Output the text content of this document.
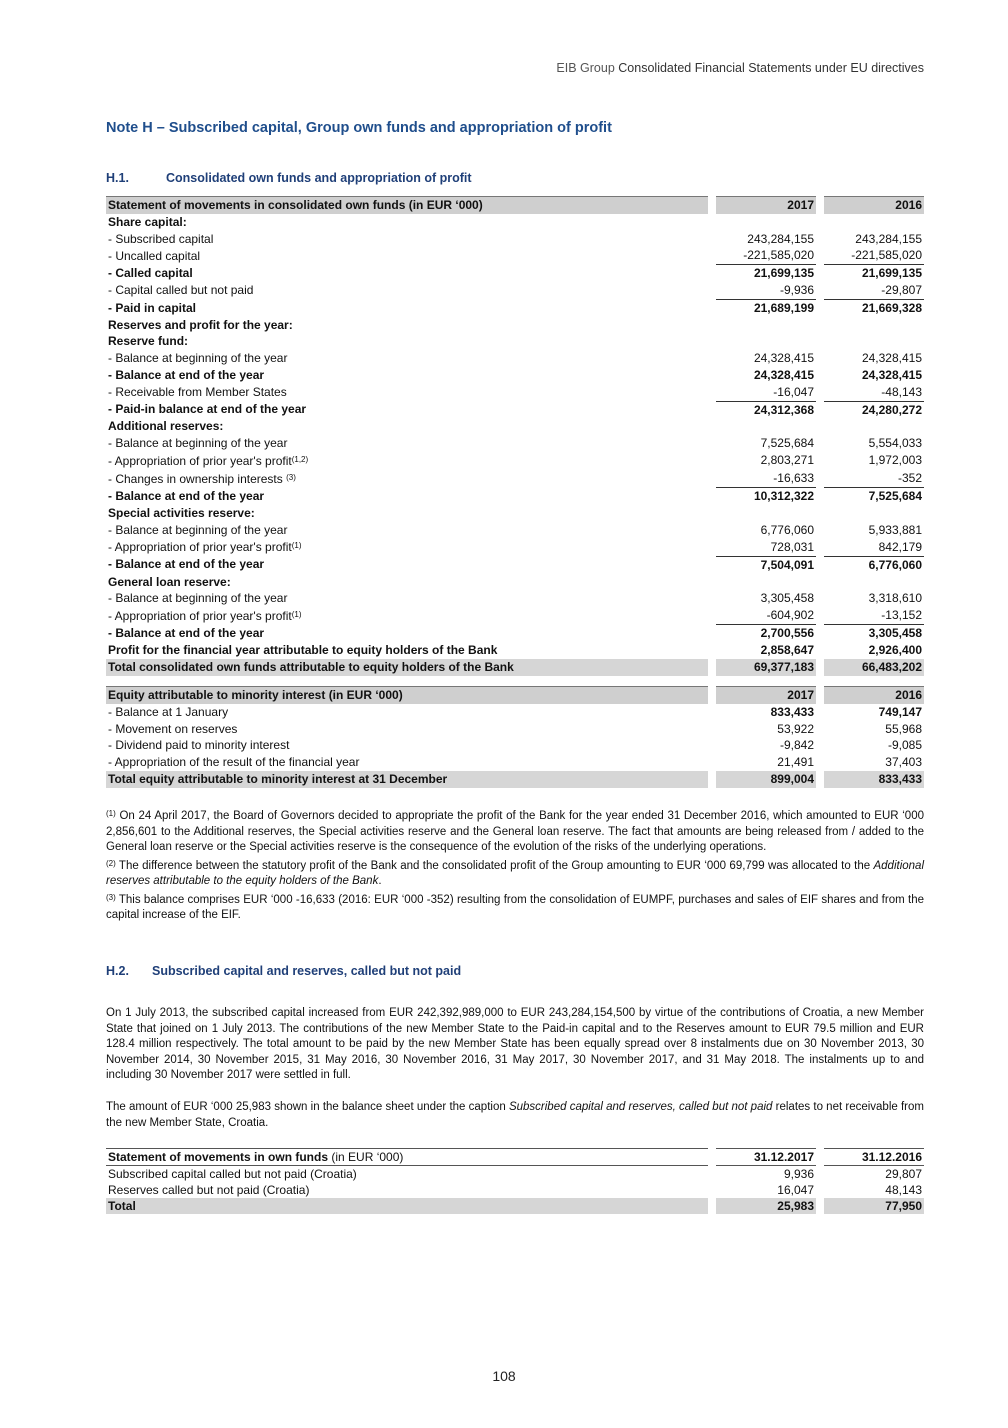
EIB Group Consolidated Financial Statements under EU directives
Note H – Subscribed capital, Group own funds and appropriation of profit
H.1.	Consolidated own funds and appropriation of profit
Statement of movements in consolidated own funds (in EUR ‘000)		2017		2016
Share capital:				
- Subscribed capital		243,284,155		243,284,155
- Uncalled capital		-221,585,020		-221,585,020
- Called capital		21,699,135		21,699,135
- Capital called but not paid		-9,936		-29,807
- Paid in capital		21,689,199		21,669,328
Reserves and profit for the year:				
Reserve fund:				
- Balance at beginning of the year		24,328,415		24,328,415
- Balance at end of the year		24,328,415		24,328,415
- Receivable from Member States		-16,047		-48,143
- Paid-in balance at end of the year		24,312,368		24,280,272
Additional reserves:				
- Balance at beginning of the year		7,525,684		5,554,033
- Appropriation of prior year's profit$^{(1,2)}$		2,803,271		1,972,003
- Changes in ownership interests $^{(3)}$		-16,633		-352
- Balance at end of the year		10,312,322		7,525,684
Special activities reserve:				
- Balance at beginning of the year		6,776,060		5,933,881
- Appropriation of prior year's profit$^{(1)}$		728,031		842,179
- Balance at end of the year		7,504,091		6,776,060
General loan reserve:				
- Balance at beginning of the year		3,305,458		3,318,610
- Appropriation of prior year's profit$^{(1)}$		-604,902		-13,152
- Balance at end of the year		2,700,556		3,305,458
Profit for the financial year attributable to equity holders of the Bank		2,858,647		2,926,400
Total consolidated own funds attributable to equity holders of the Bank		69,377,183		66,483,202
Equity attributable to minority interest (in EUR ‘000)		2017		2016
- Balance at 1 January		833,433		749,147
- Movement on reserves		53,922		55,968
- Dividend paid to minority interest		-9,842		-9,085
- Appropriation of the result of the financial year		21,491		37,403
Total equity attributable to minority interest at 31 December		899,004		833,433

$^{(1)}$ On 24 April 2017, the Board of Governors decided to appropriate the profit of the Bank for the year ended 31 December 2016, which amounted to EUR ‘000 2,856,601 to the Additional reserves, the Special activities reserve and the General loan reserve. The fact that amounts are being released from / added to the General loan reserve or the Special activities reserve is the consequence of the evolution of the risks of the underlying operations.

$^{(2)}$ The difference between the statutory profit of the Bank and the consolidated profit of the Group amounting to EUR ‘000 69,799 was allocated to the Additional reserves attributable to the equity holders of the Bank.

$^{(3)}$ This balance comprises EUR ‘000 -16,633 (2016: EUR ‘000 -352) resulting from the consolidation of EUMPF, purchases and sales of EIF shares and from the capital increase of the EIF.

H.2. Subscribed capital and reserves, called but not paid

On 1 July 2013, the subscribed capital increased from EUR 242,392,989,000 to EUR 243,284,154,500 by virtue of the contributions of Croatia, a new Member State that joined on 1 July 2013. The contributions of the new Member State to the Paid-in capital and to the Reserves amount to EUR 79.5 million and EUR 128.4 million respectively. The total amount to be paid by the new Member State has been equally spread over 8 instalments due on 30 November 2013, 30 November 2014, 30 November 2015, 31 May 2016, 30 November 2016, 31 May 2017, 30 November 2017, and 31 May 2018. The instalments up to and including 30 November 2017 were settled in full.

The amount of EUR ‘000 25,983 shown in the balance sheet under the caption Subscribed capital and reserves, called but not paid relates to net receivable from the new Member State, Croatia.

Statement of movements in own funds (in EUR ‘000)		31.12.2017		31.12.2016
Subscribed capital called but not paid (Croatia)		9,936		29,807
Reserves called but not paid (Croatia)		16,047		48,143
Total		25,983		77,950
108
